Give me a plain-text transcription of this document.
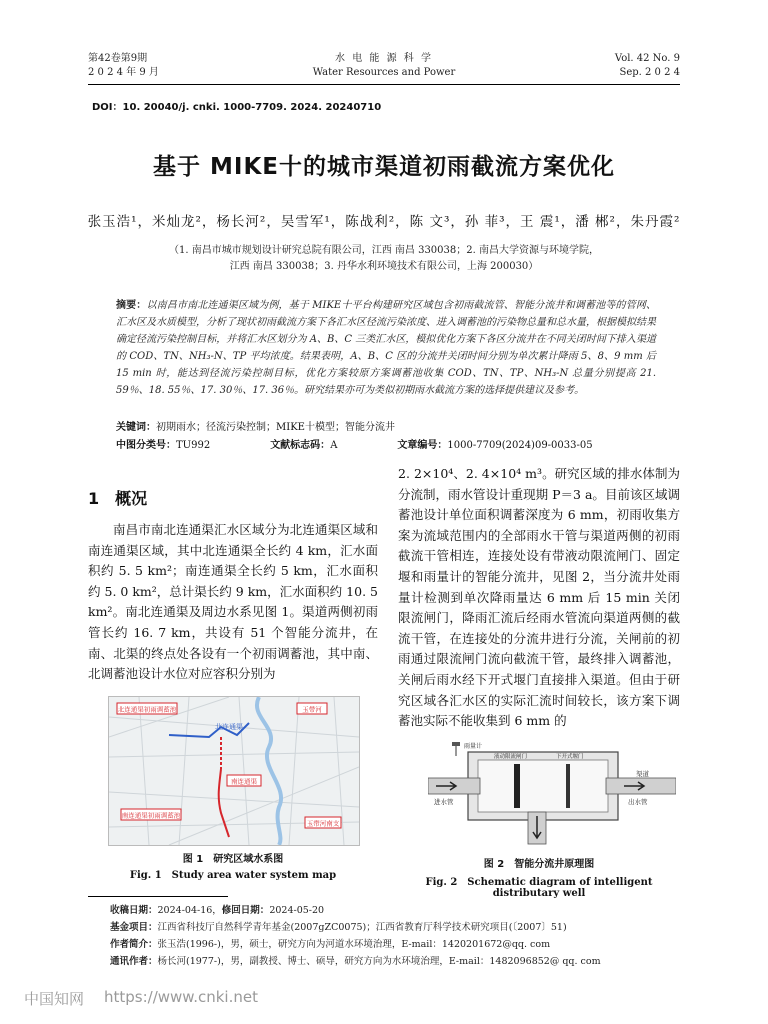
第42卷第9期
2 0 2 4 年 9 月
水 电 能 源 科 学
Water Resources and Power
Vol. 42 No. 9
Sep. 2 0 2 4
DOI：10. 20040/j. cnki. 1000-7709. 2024. 20240710
基于 MIKE十的城市渠道初雨截流方案优化
张玉浩¹，米灿龙²，杨长河²，吴雪军¹，陈战利²，陈 文³，孙 菲³，王 震¹，潘 郴²，朱丹霞²
（1. 南昌市城市规划设计研究总院有限公司，江西 南昌 330038；2. 南昌大学资源与环境学院，
江西 南昌 330038；3. 丹华水利环境技术有限公司，上海 200030）
摘要：以南昌市南北连通渠区域为例，基于 MIKE十平台构建研究区域包含初雨截流管、智能分流井和调蓄池等的管网、汇水区及水质模型，分析了现状初雨截流方案下各汇水区径流污染浓度、进入调蓄池的污染物总量和总水量，根据模拟结果确定径流污染控制目标，并将汇水区划分为 A、B、C 三类汇水区，模拟优化方案下各区分流井在不同关闭时间下排入渠道的 COD、TN、NH₃-N、TP 平均浓度。结果表明，A、B、C 区的分流井关闭时间分别为单次累计降雨 5、8、9 mm 后 15 min 时，能达到径流污染控制目标，优化方案较原方案调蓄池收集 COD、TN、TP、NH₃-N 总量分别提高 21. 59％、18. 55％、17. 30％、17. 36％。研究结果亦可为类似初期雨水截流方案的选择提供建议及参考。
关键词：初期雨水；径流污染控制；MIKE十模型；智能分流井
中图分类号：TU992	文献标志码：A	文章编号：1000-7709(2024)09-0033-05
1　概况
南昌市南北连通渠汇水区域分为北连通渠区域和南连通渠区域，其中北连通渠全长约 4 km，汇水面积约 5. 5 km²；南连通渠全长约 5 km，汇水面积约 5. 0 km²，总计渠长约 9 km，汇水面积约 10. 5 km²。南北连通渠及周边水系见图 1。渠道两侧初雨管长约 16. 7 km，共设有 51 个智能分流井，在南、北渠的终点处各设有一个初雨调蓄池，其中南、北调蓄池设计水位对应容积分别为
2. 2×10⁴、2. 4×10⁴ m³。研究区域的排水体制为分流制，雨水管设计重现期 P＝3 a。目前该区域调蓄池设计单位面积调蓄深度为 6 mm，初雨收集方案为流域范围内的全部雨水干管与渠道两侧的初雨截流干管相连，连接处设有带液动限流闸门、固定堰和雨量计的智能分流井，见图 2，当分流井处雨量计检测到单次降雨量达 6 mm 后 15 min 关闭限流闸门，降雨汇流后经雨水管流向渠道两侧的截流干管，在连接处的分流井进行分流，关闸前的初雨通过限流闸门流向截流干管，最终排入调蓄池，关闸后雨水经下开式堰门直接排入渠道。但由于研究区域各汇水区的实际汇流时间较长，该方案下调蓄池实际不能收集到 6 mm 的
北连通渠初雨调蓄池	玉带河
北连通渠
南连通渠
南连通渠初雨调蓄池
玉带河南支
图 1　研究区域水系图
Fig. 1　Study area water system map
雨量计
进水管
渠道
出水管
液动限流闸门	下开式堰门
图 2　智能分流井原理图
Fig. 2　Schematic diagram of intelligent distributary well
收稿日期：2024-04-16，修回日期：2024-05-20
基金项目：江西省科技厅自然科学青年基金(2007gZC0075)；江西省教育厅科学技术研究项目(〔2007〕51)
作者简介：张玉浩(1996-)，男，硕士，研究方向为河道水环境治理，E-mail：1420201672@qq. com
通讯作者：杨长河(1977-)，男，副教授、博士、硕导，研究方向为水环境治理，E-mail：1482096852@ qq. com
中国知网 https://www.cnki.net
